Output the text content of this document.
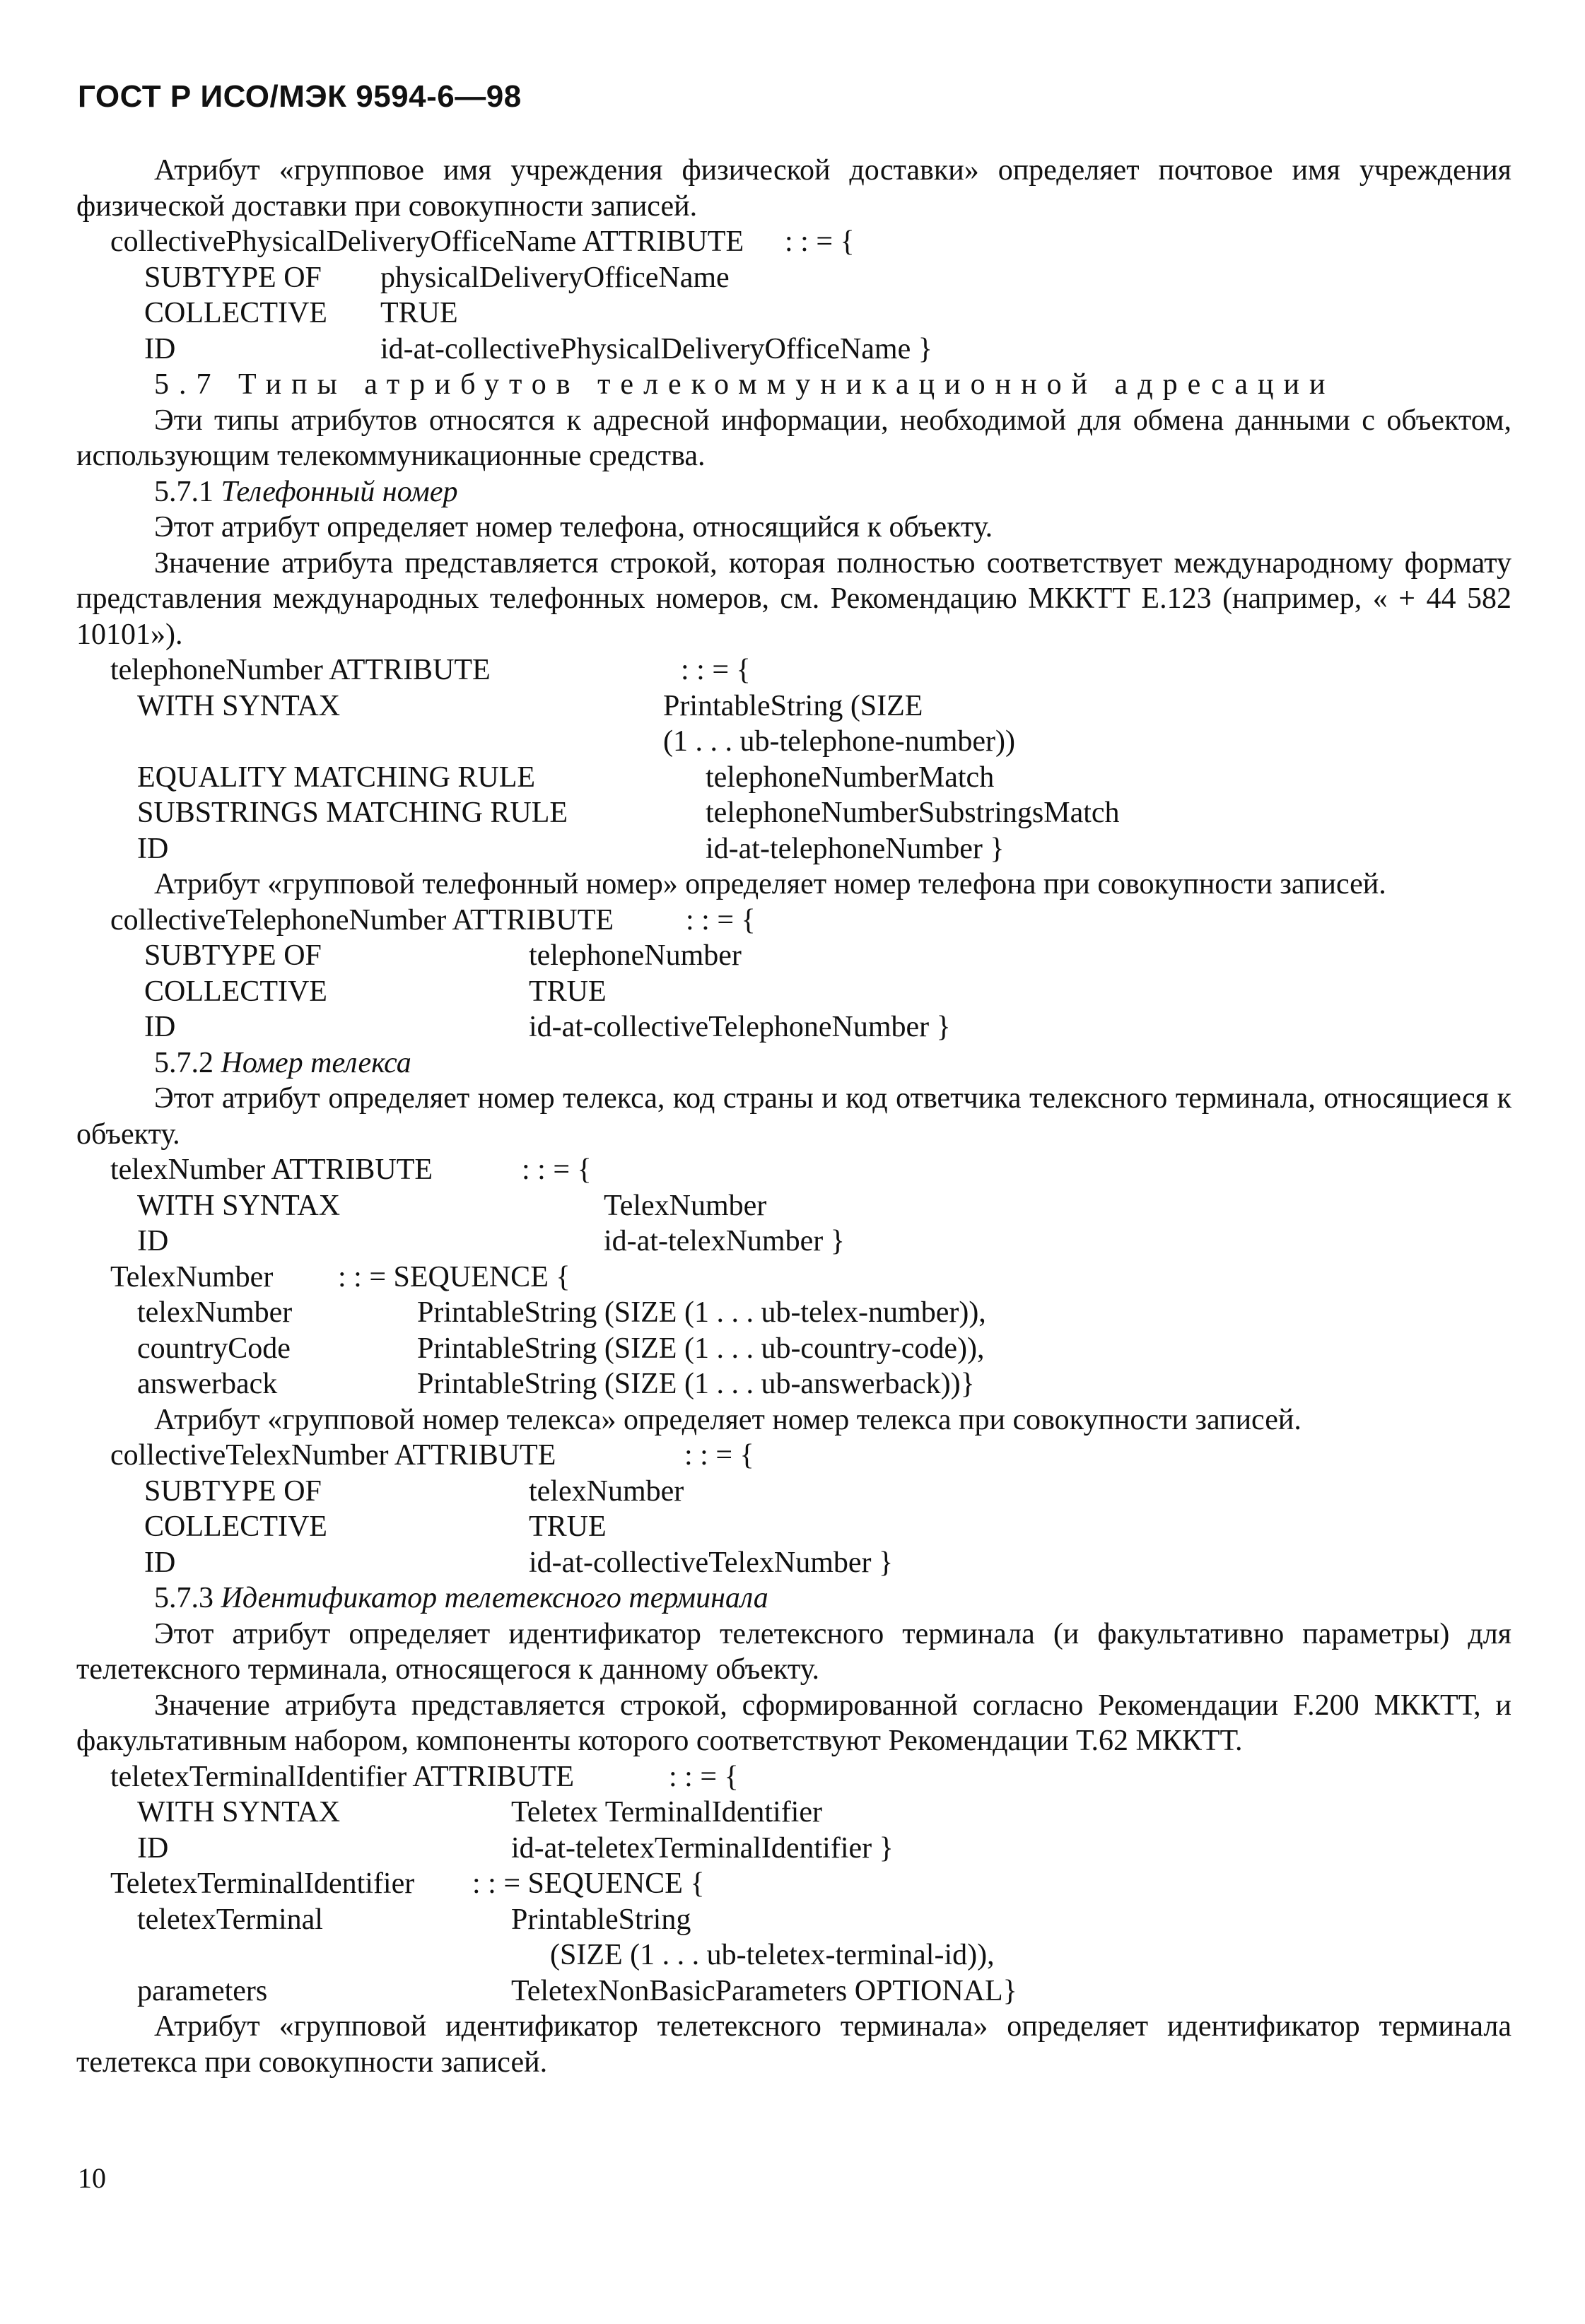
ГОСТ Р ИСО/МЭК 9594-6—98

Атрибут «групповое имя учреждения физической доставки» определяет почтовое имя учреждения физической доставки при совокупности записей.

collectivePhysicalDeliveryOfficeName ATTRIBUTE : : = {
SUBTYPE OF physicalDeliveryOfficeName
COLLECTIVE TRUE
ID	id-at-collectivePhysicalDeliveryOfficeName }
5.7 Типы атрибутов телекоммуникационной адресации

Эти типы атрибутов относятся к адресной информации, необходимой для обмена данными с объектом, использующим телекоммуникационные средства.

5.7.1 Телефонный номер

Этот атрибут определяет номер телефона, относящийся к объекту.

Значение атрибута представляется строкой, которая полностью соответствует международному формату представления международных телефонных номеров, см. Рекомендацию МККТТ Е.123 (например, « + 44 582 10101»).

telephoneNumber ATTRIBUTE	: : = {
WITH SYNTAX	PrintableString (SIZE
(1 . . . ub-telephone-number))
EQUALITY MATCHING RULE	telephoneNumberMatch
SUBSTRINGS MATCHING RULE	telephoneNumberSubstringsMatch
ID	id-at-telephoneNumber }

Атрибут «групповой телефонный номер» определяет номер телефона при совокупности записей.

collectiveTelephoneNumber ATTRIBUTE : : = {
SUBTYPE OF	telephoneNumber
COLLECTIVE	TRUE
ID	id-at-collectiveTelephoneNumber }
5.7.2 Номер телекса

Этот атрибут определяет номер телекса, код страны и код ответчика телексного терминала, относящиеся к объекту.

telexNumber ATTRIBUTE	: : = {
WITH SYNTAX	TelexNumber
ID	id-at-telexNumber }
TelexNumber : : = SEQUENCE {
telexNumber	PrintableString (SIZE (1 . . . ub-telex-number)),
countryCode	PrintableString (SIZE (1 . . . ub-country-code)),
answerback	PrintableString (SIZE (1 . . . ub-answerback))}

Атрибут «групповой номер телекса» определяет номер телекса при совокупности записей.

collectiveTelexNumber ATTRIBUTE	: : = {
SUBTYPE OF	telexNumber
COLLECTIVE	TRUE
ID	id-at-collectiveTelexNumber }
5.7.3 Идентификатор телетексного терминала

Этот атрибут определяет идентификатор телетексного терминала (и факультативно параметры) для телетексного терминала, относящегося к данному объекту.

Значение атрибута представляется строкой, сформированной согласно Рекомендации F.200 МККТТ, и факультативным набором, компоненты которого соответствуют Рекомендации Т.62 МККТТ.

teletexTerminalIdentifier ATTRIBUTE	: : = {
WITH SYNTAX	Teletex TerminalIdentifier
ID	id-at-teletexTerminalIdentifier }
TeletexTerminalIdentifier : : = SEQUENCE {
teletexTerminal	PrintableString
(SIZE (1 . . . ub-teletex-terminal-id)),
parameters	TeletexNonBasicParameters OPTIONAL}

Атрибут «групповой идентификатор телетексного терминала» определяет идентификатор терминала телетекса при совокупности записей.

10
